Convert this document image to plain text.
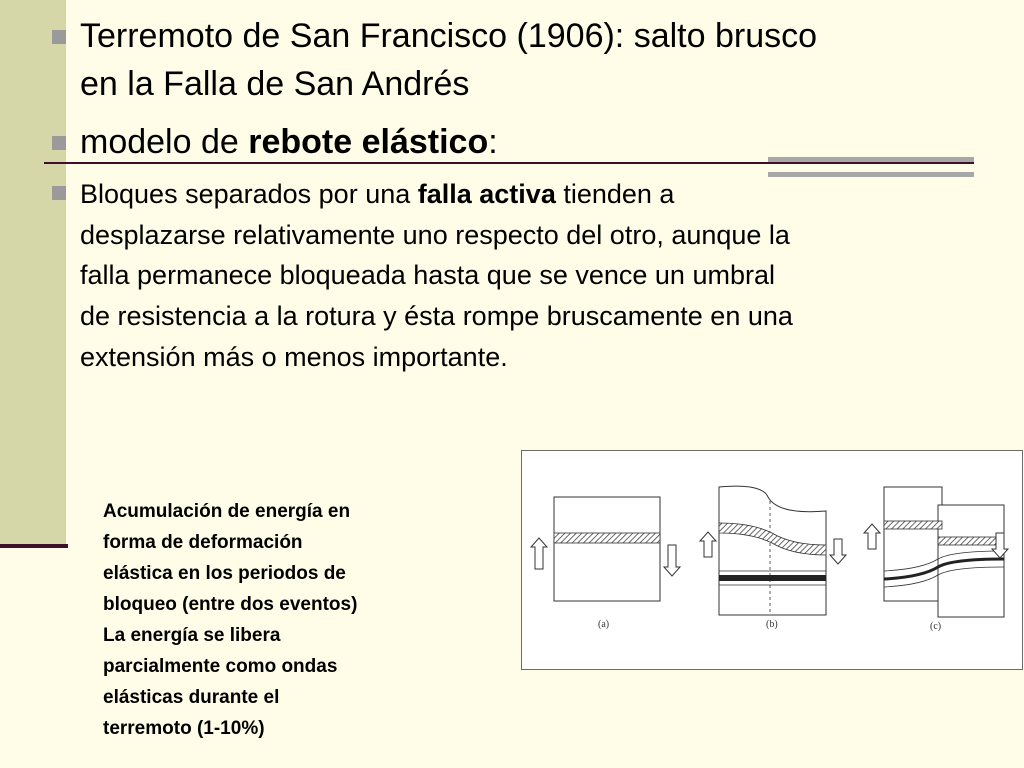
Terremoto de San Francisco (1906): salto brusco
en la Falla de San Andrés
modelo de rebote elástico:
Bloques separados por una falla activa tienden a
desplazarse relativamente uno respecto del otro, aunque la
falla permanece bloqueada hasta que se vence un umbral
de resistencia a la rotura y ésta rompe bruscamente en una
extensión más o menos importante.
Acumulación de energía en
forma de deformación
elástica en los periodos de
bloqueo (entre dos eventos)
La energía se libera
parcialmente como ondas
elásticas durante el
terremoto (1-10%)
(a)	(b)	(c)
